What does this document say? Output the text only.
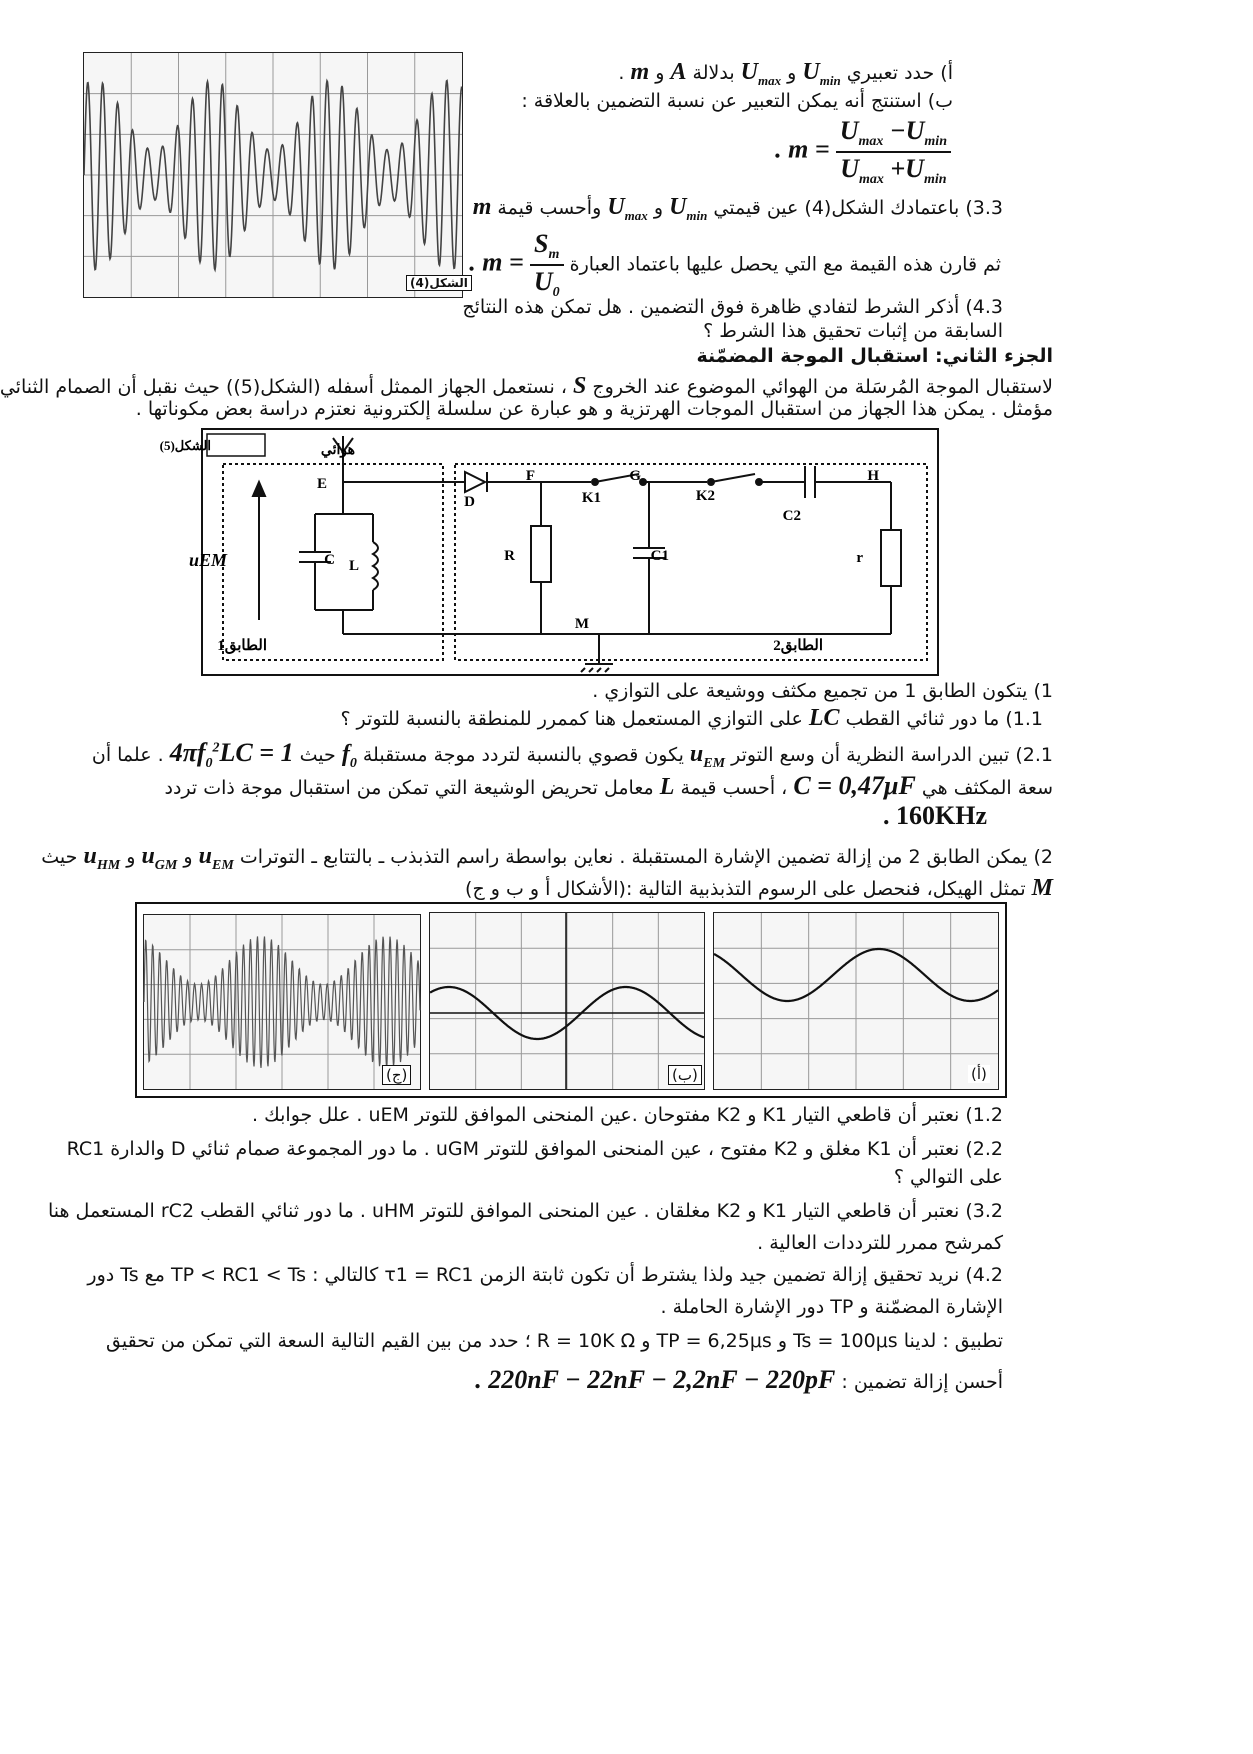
الشكل(4)
أ) حدد تعبيري $U_{min}$ و $U_{max}$ بدلالة A و m .
ب) استنتج أنه يمكن التعبير عن نسبة التضمين بالعلاقة :
$\frac{U_{max} -U_{min}}{U_{max} +U_{min}}$
. m =
3.3) باعتمادك الشكل(4) عين قيمتي $U_{min}$ و $U_{max}$ وأحسب قيمة m
ثم قارن هذه القيمة مع التي يحصل عليها باعتماد العبارة
$\frac{S_m}{U_0}$
. m =
4.3) أذكر الشرط لتفادي ظاهرة فوق التضمين . هل تمكن هذه النتائج
السابقة من إثبات تحقيق هذا الشرط ؟
الجزء الثاني: استقبال الموجة المضمّنة
لاستقبال الموجة المُرسَلة من الهوائي الموضوع عند الخروج S ، نستعمل الجهاز الممثل أسفله (الشكل(5)) حيث نقبل أن الصمام الثنائي
مؤمثل . يمكن هذا الجهاز من استقبال الموجات الهرتزية و هو عبارة عن سلسلة إلكترونية نعتزم دراسة بعض مكوناتها .
الشكل(5)	هوائي
E
D
F	G	H
M
uEM	C L
R	C1
K1	K2
C2
r
الطابق1	الطابق2
1) يتكون الطابق 1 من تجميع مكثف ووشيعة على التوازي .
1.1) ما دور ثنائي القطب LC على التوازي المستعمل هنا كممرر للمنطقة بالنسبة للتوتر ؟
2.1) تبين الدراسة النظرية أن وسع التوتر $u_{EM}$ يكون قصوي بالنسبة لتردد موجة مستقبلة $f_0$ حيث $4\pi f_0^2LC = 1$ . علما أن
سعة المكثف هي C = 0,47μF ، أحسب قيمة L معامل تحريض الوشيعة التي تمكن من استقبال موجة ذات تردد
. 160KHz
2) يمكن الطابق 2 من إزالة تضمين الإشارة المستقبلة . نعاين بواسطة راسم التذبذب ـ بالتتابع ـ التوترات $u_{EM}$ و $u_{GM}$ و $u_{HM}$ حيث
M تمثل الهيكل، فنحصل على الرسوم التذبذبية التالية :(الأشكال أ و ب و ج)
(ج)	(ب)	(أ)
1.2) نعتبر أن قاطعي التيار K1 و K2 مفتوحان .عين المنحنى الموافق للتوتر uEM . علل جوابك .
2.2) نعتبر أن K1 مغلق و K2 مفتوح ، عين المنحنى الموافق للتوتر uGM . ما دور المجموعة صمام ثنائي D والدارة RC1
على التوالي ؟
3.2) نعتبر أن قاطعي التيار K1 و K2 مغلقان . عين المنحنى الموافق للتوتر uHM . ما دور ثنائي القطب rC2 المستعمل هنا
كمرشح ممرر للترددات العالية .
4.2) نريد تحقيق إزالة تضمين جيد ولذا يشترط أن تكون ثابتة الزمن τ1 = RC1 كالتالي : TP < RC1 < Ts مع Ts دور
الإشارة المضمّنة و TP دور الإشارة الحاملة .
تطبيق : لدينا Ts = 100μs و TP = 6,25μs و R = 10K Ω ؛ حدد من بين القيم التالية السعة التي تمكن من تحقيق
أحسن إزالة تضمين : . 220nF − 22nF − 2,2nF − 220pF
